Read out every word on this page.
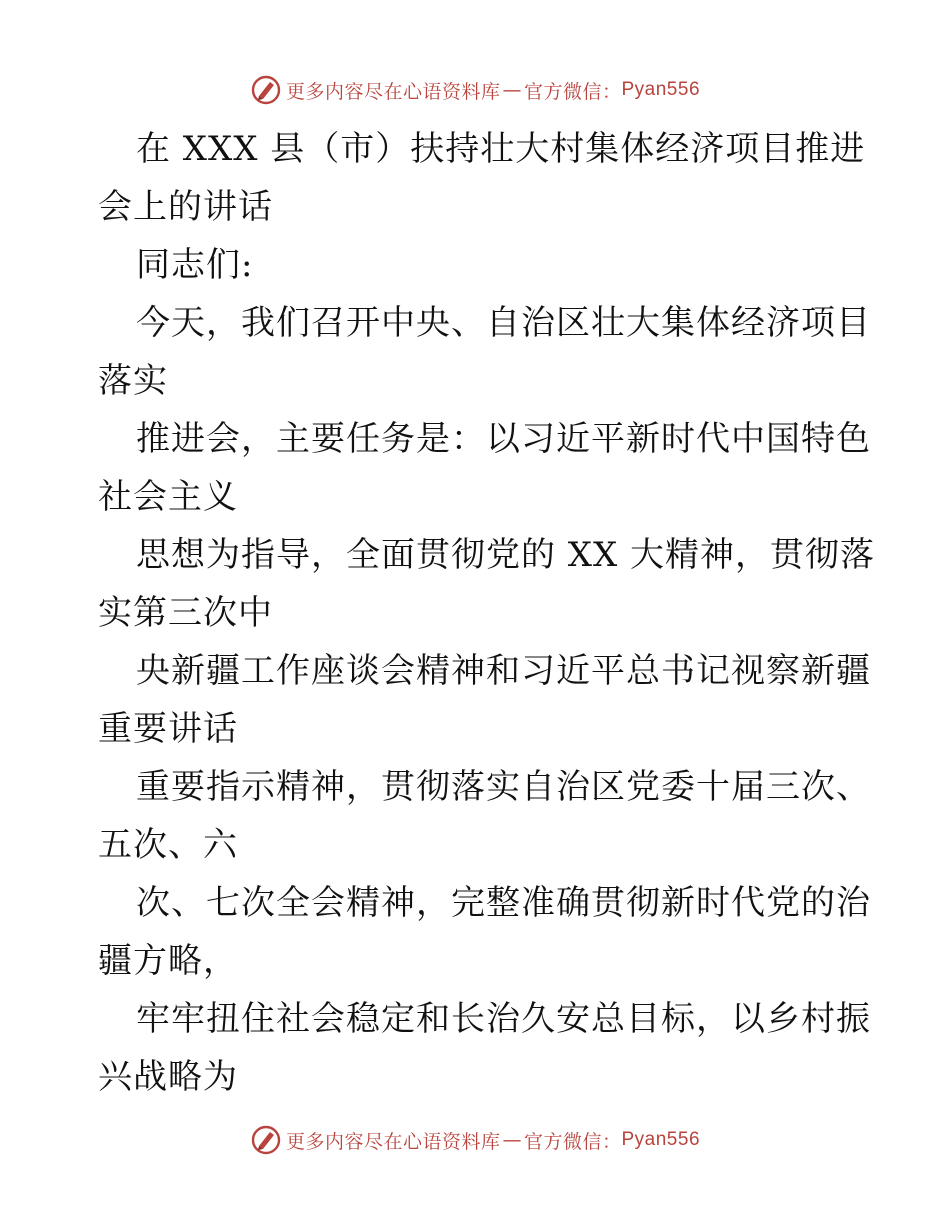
更多内容尽在心语资料库 — 官方微信： Pyan556

在 XXX 县（市）扶持壮大村集体经济项目推进

会上的讲话

同志们:

今天，我们召开中央、自治区壮大集体经济项目

落实

推进会，主要任务是：以习近平新时代中国特色

社会主义

思想为指导，全面贯彻党的 XX 大精神，贯彻落

实第三次中

央新疆工作座谈会精神和习近平总书记视察新疆

重要讲话

重要指示精神，贯彻落实自治区党委十届三次、

五次、六

次、七次全会精神，完整准确贯彻新时代党的治

疆方略，

牢牢扭住社会稳定和长治久安总目标，以乡村振

兴战略为

更多内容尽在心语资料库 — 官方微信： Pyan556
